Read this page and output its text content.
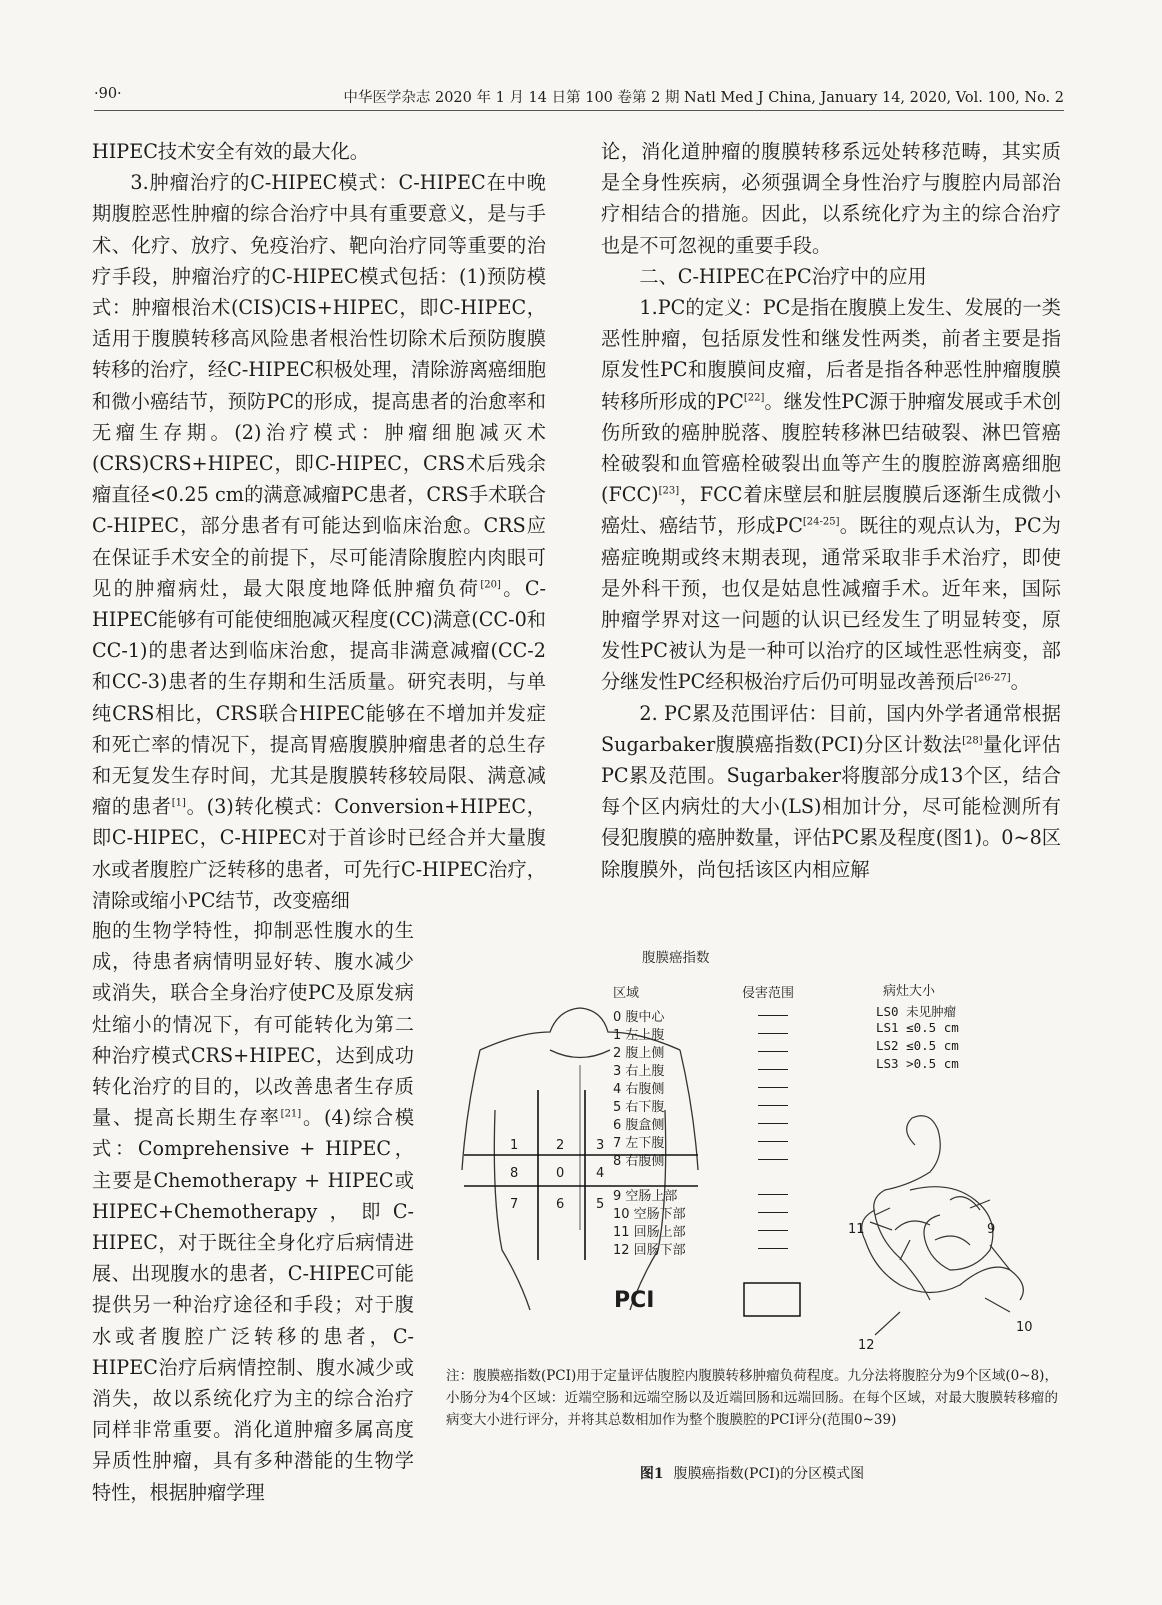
·90·	中华医学杂志 2020 年 1 月 14 日第 100 卷第 2 期 Natl Med J China, January 14, 2020, Vol. 100, No. 2

HIPEC技术安全有效的最大化。

3.肿瘤治疗的C-HIPEC模式：C-HIPEC在中晚期腹腔恶性肿瘤的综合治疗中具有重要意义，是与手术、化疗、放疗、免疫治疗、靶向治疗同等重要的治疗手段，肿瘤治疗的C-HIPEC模式包括：(1)预防模式：肿瘤根治术(CIS)CIS+HIPEC，即C-HIPEC，适用于腹膜转移高风险患者根治性切除术后预防腹膜转移的治疗，经C-HIPEC积极处理，清除游离癌细胞和微小癌结节，预防PC的形成，提高患者的治愈率和无瘤生存期。(2)治疗模式：肿瘤细胞减灭术(CRS)CRS+HIPEC，即C-HIPEC，CRS术后残余瘤直径<0.25 cm的满意减瘤PC患者，CRS手术联合C-HIPEC，部分患者有可能达到临床治愈。CRS应在保证手术安全的前提下，尽可能清除腹腔内肉眼可见的肿瘤病灶，最大限度地降低肿瘤负荷[20]。C-HIPEC能够有可能使细胞减灭程度(CC)满意(CC-0和CC-1)的患者达到临床治愈，提高非满意减瘤(CC-2和CC-3)患者的生存期和生活质量。研究表明，与单纯CRS相比，CRS联合HIPEC能够在不增加并发症和死亡率的情况下，提高胃癌腹膜肿瘤患者的总生存和无复发生存时间，尤其是腹膜转移较局限、满意减瘤的患者[1]。(3)转化模式：Conversion+HIPEC，即C-HIPEC，C-HIPEC对于首诊时已经合并大量腹水或者腹腔广泛转移的患者，可先行C-HIPEC治疗，清除或缩小PC结节，改变癌细

胞的生物学特性，抑制恶性腹水的生成，待患者病情明显好转、腹水减少或消失，联合全身治疗使PC及原发病灶缩小的情况下，有可能转化为第二种治疗模式CRS+HIPEC，达到成功转化治疗的目的，以改善患者生存质量、提高长期生存率[21]。(4)综合模式：Comprehensive + HIPEC，主要是Chemotherapy + HIPEC或HIPEC+Chemotherapy，即C-HIPEC，对于既往全身化疗后病情进展、出现腹水的患者，C-HIPEC可能提供另一种治疗途径和手段；对于腹水或者腹腔广泛转移的患者，C-HIPEC治疗后病情控制、腹水减少或消失，故以系统化疗为主的综合治疗同样非常重要。消化道肿瘤多属高度异质性肿瘤，具有多种潜能的生物学特性，根据肿瘤学理

论，消化道肿瘤的腹膜转移系远处转移范畴，其实质是全身性疾病，必须强调全身性治疗与腹腔内局部治疗相结合的措施。因此，以系统化疗为主的综合治疗也是不可忽视的重要手段。

二、C-HIPEC在PC治疗中的应用

1.PC的定义：PC是指在腹膜上发生、发展的一类恶性肿瘤，包括原发性和继发性两类，前者主要是指原发性PC和腹膜间皮瘤，后者是指各种恶性肿瘤腹膜转移所形成的PC[22]。继发性PC源于肿瘤发展或手术创伤所致的癌肿脱落、腹腔转移淋巴结破裂、淋巴管癌栓破裂和血管癌栓破裂出血等产生的腹腔游离癌细胞(FCC)[23]，FCC着床壁层和脏层腹膜后逐渐生成微小癌灶、癌结节，形成PC[24-25]。既往的观点认为，PC为癌症晚期或终末期表现，通常采取非手术治疗，即使是外科干预，也仅是姑息性减瘤手术。近年来，国际肿瘤学界对这一问题的认识已经发生了明显转变，原发性PC被认为是一种可以治疗的区域性恶性病变，部分继发性PC经积极治疗后仍可明显改善预后[26-27]。

2. PC累及范围评估：目前，国内外学者通常根据Sugarbaker腹膜癌指数(PCI)分区计数法[28]量化评估PC累及范围。Sugarbaker将腹部分成13个区，结合每个区内病灶的大小(LS)相加计分，尽可能检测所有侵犯腹膜的癌肿数量，评估PC累及程度(图1)。0~8区除腹膜外，尚包括该区内相应解

腹膜癌指数
区域	侵害范围	病灶大小
0 腹中心
1 左上腹
2 腹上侧
3 右上腹
4 右腹侧
5 右下腹
6 腹盒侧
7 左下腹
8 右腹侧
9 空肠上部
10 空肠下部
11 回肠上部
12 回肠下部
LS0 未见肿瘤
LS1 ≤0.5 cm
LS2 ≤0.5 cm
LS3 >0.5 cm
1	2 3
8	0 4
7	6 5
11	9
10
12
PCI
注：腹膜癌指数(PCI)用于定量评估腹腔内腹膜转移肿瘤负荷程度。九分法将腹腔分为9个区域(0~8)，小肠分为4个区域：近端空肠和远端空肠以及近端回肠和远端回肠。在每个区域，对最大腹膜转移瘤的病变大小进行评分，并将其总数相加作为整个腹膜腔的PCI评分(范围0~39)
图1 腹膜癌指数(PCI)的分区模式图
